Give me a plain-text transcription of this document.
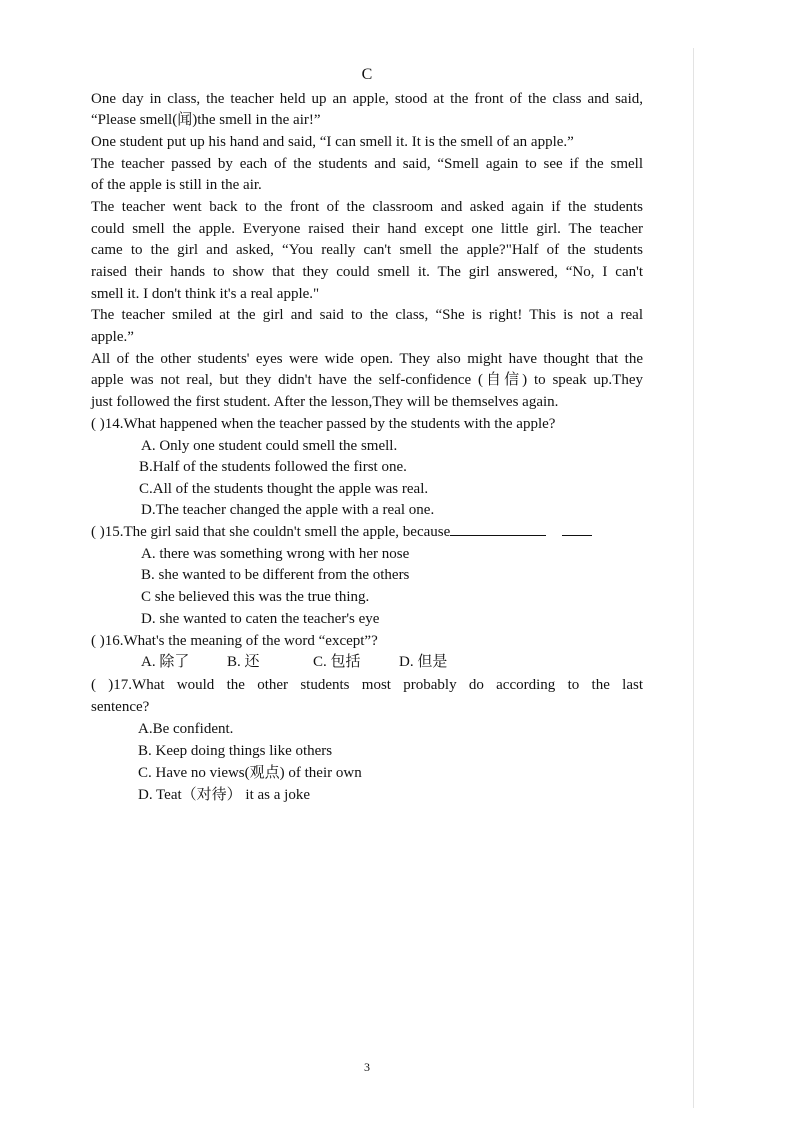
C
One day in class, the teacher held up an apple, stood at the front of the class and said,
“Please smell(闻)the smell in the air!”
One student put up his hand and said, “I can smell it. It is the smell of an apple.”
The teacher passed by each of the students and said, “Smell again to see if the smell
of the apple is still in the air.
The teacher went back to the front of the classroom and asked again if the students
could smell the apple. Everyone raised their hand except one little girl. The teacher
came to the girl and asked, “You really can't smell the apple?"Half of the students
raised their hands to show that they could smell it. The girl answered, “No, I can't
smell it. I don't think it's a real apple."
The teacher smiled at the girl and said to the class, “She is right! This is not a real
apple.”
All of the other students' eyes were wide open. They also might have thought that the
apple was not real, but they didn't have the self-confidence (自信) to speak up.They
just followed the first student. After the lesson,They will be themselves again.
( )14.What happened when the teacher passed by the students with the apple?
A. Only one student could smell the smell.
B.Half of the students followed the first one.
C.All of the students thought the apple was real.
D.The teacher changed the apple with a real one.
( )15.The girl said that she couldn't smell the apple, because
A. there was something wrong with her nose
B. she wanted to be different from the others
C she believed this was the true thing.
D. she wanted to caten the teacher's eye
( )16.What's the meaning of the word “except”?
A. 除了	B. 还	C. 包括	D. 但是
( )17.What would the other students most probably do according to the last
sentence?
A.Be confident.
B. Keep doing things like others
C. Have no views(观点) of their own
D. Teat（对待） it as a joke
3
